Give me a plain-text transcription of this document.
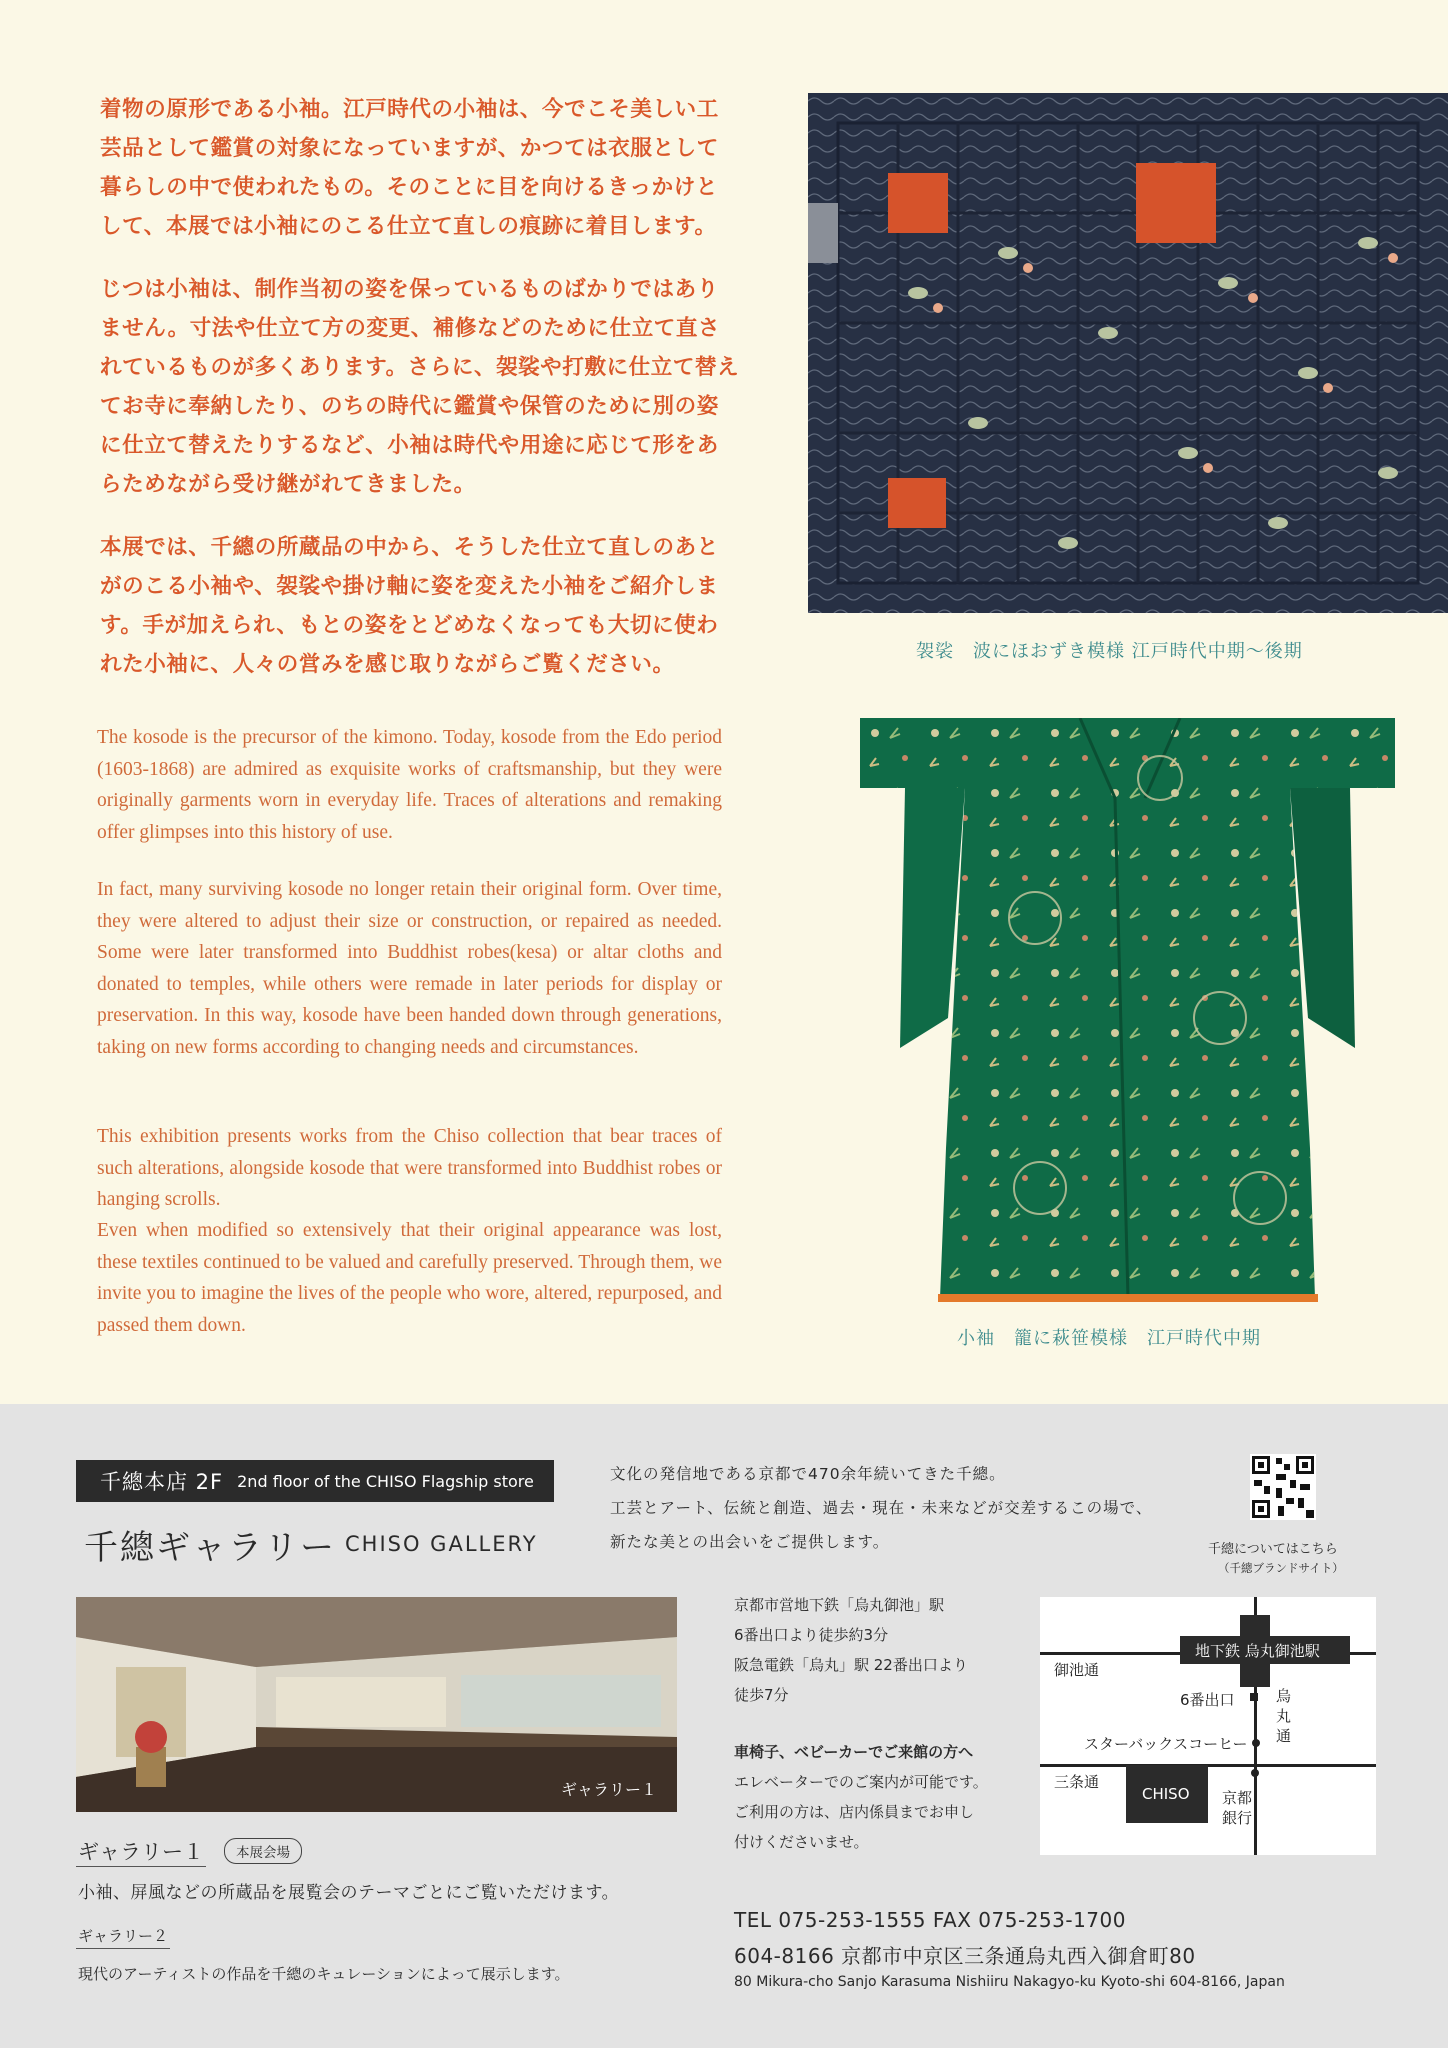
着物の原形である小袖。江戸時代の小袖は、今でこそ美しい工芸品として鑑賞の対象になっていますが、かつては衣服として暮らしの中で使われたもの。そのことに目を向けるきっかけとして、本展では小袖にのこる仕立て直しの痕跡に着目します。

じつは小袖は、制作当初の姿を保っているものばかりではありません。寸法や仕立て方の変更、補修などのために仕立て直されているものが多くあります。さらに、袈裟や打敷に仕立て替えてお寺に奉納したり、のちの時代に鑑賞や保管のために別の姿に仕立て替えたりするなど、小袖は時代や用途に応じて形をあらためながら受け継がれてきました。

本展では、千總の所蔵品の中から、そうした仕立て直しのあとがのこる小袖や、袈裟や掛け軸に姿を変えた小袖をご紹介します。手が加えられ、もとの姿をとどめなくなっても大切に使われた小袖に、人々の営みを感じ取りながらご覧ください。

The kosode is the precursor of the kimono. Today, kosode from the Edo period (1603-1868) are admired as exquisite works of craftsmanship, but they were originally garments worn in everyday life. Traces of alterations and remaking offer glimpses into this history of use.

In fact, many surviving kosode no longer retain their original form. Over time, they were altered to adjust their size or construction, or repaired as needed. Some were later transformed into Buddhist robes(kesa) or altar cloths and donated to temples, while others were remade in later periods for display or preservation. In this way, kosode have been handed down through generations, taking on new forms according to changing needs and circumstances.

This exhibition presents works from the Chiso collection that bear traces of such alterations, alongside kosode that were transformed into Buddhist robes or hanging scrolls.

Even when modified so extensively that their original appearance was lost, these textiles continued to be valued and carefully preserved. Through them, we invite you to imagine the lives of the people who wore, altered, repurposed, and passed them down.

袈裟　波にほおずき模様 江戸時代中期〜後期
小袖　籠に萩笹模様　江戸時代中期
千總本店 2F 2nd floor of the CHISO Flagship store
千總ギャラリー CHISO GALLERY
文化の発信地である京都で470余年続いてきた千總。
工芸とアート、伝統と創造、過去・現在・未来などが交差するこの場で、
新たな美との出会いをご提供します。	千總についてはこちら
（千總ブランドサイト）
ギャラリー１
ギャラリー１	本展会場
小袖、屏風などの所蔵品を展覧会のテーマごとにご覧いただけます。
ギャラリー２
現代のアーティストの作品を千總のキュレーションによって展示します。
京都市営地下鉄「烏丸御池」駅
6番出口より徒歩約3分
阪急電鉄「烏丸」駅 22番出口より
徒歩7分
車椅子、ベビーカーでご来館の方へ
エレベーターでのご案内が可能です。
ご利用の方は、店内係員までお申し
付けくださいませ。
地下鉄 烏丸御池駅
御池通
6番出口	烏
丸
通
スターバックスコーヒー
三条通
CHISO 京都
銀行
TEL 075-253-1555 FAX 075-253-1700
604-8166 京都市中京区三条通烏丸西入御倉町80
80 Mikura-cho Sanjo Karasuma Nishiiru Nakagyo-ku Kyoto-shi 604-8166, Japan
